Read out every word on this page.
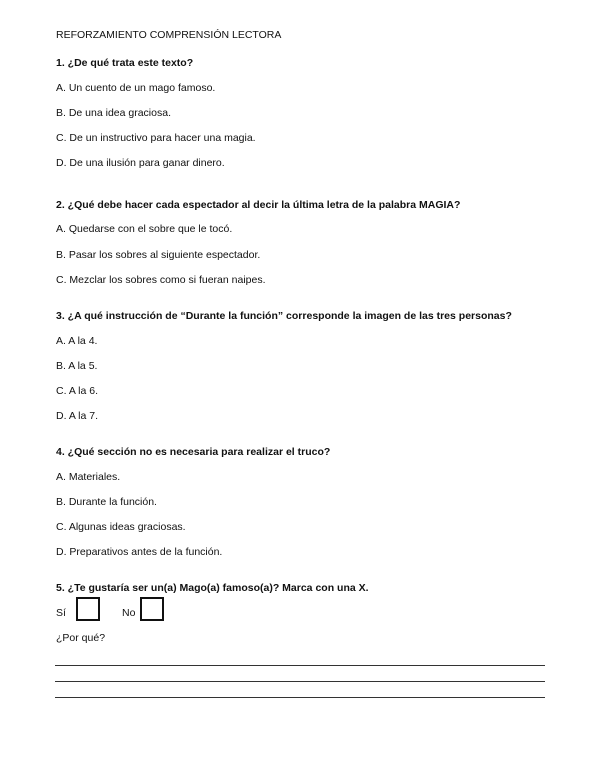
REFORZAMIENTO COMPRENSIÓN LECTORA
1. ¿De qué trata este texto?
A. Un cuento de un mago famoso.
B. De una idea graciosa.
C. De un instructivo para hacer una magia.
D. De una ilusión para ganar dinero.
2. ¿Qué debe hacer cada espectador al decir la última letra de la palabra MAGIA?
A. Quedarse con el sobre que le tocó.
B. Pasar los sobres al siguiente espectador.
C. Mezclar los sobres como si fueran naipes.
3. ¿A qué instrucción de “Durante la función” corresponde la imagen de las tres personas?
A. A la 4.
B. A la 5.
C. A la 6.
D. A la 7.
4. ¿Qué sección no es necesaria para realizar el truco?
A. Materiales.
B. Durante la función.
C. Algunas ideas graciosas.
D. Preparativos antes de la función.
5. ¿Te gustaría ser un(a) Mago(a) famoso(a)? Marca con una X.
Sí	No
¿Por qué?
